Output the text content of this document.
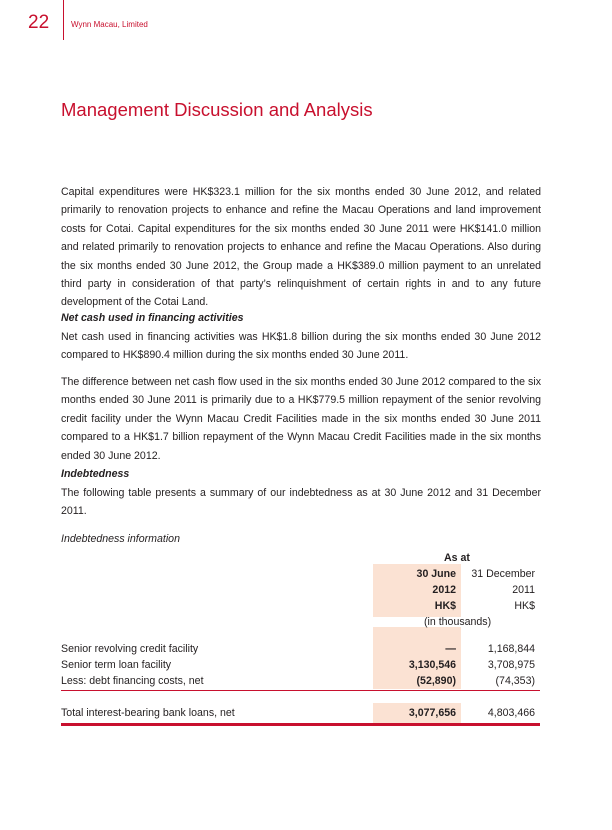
22	Wynn Macau, Limited
Management Discussion and Analysis

Capital expenditures were HK$323.1 million for the six months ended 30 June 2012, and related primarily to renovation projects to enhance and refine the Macau Operations and land improvement costs for Cotai. Capital expenditures for the six months ended 30 June 2011 were HK$141.0 million and related primarily to renovation projects to enhance and refine the Macau Operations. Also during the six months ended 30 June 2012, the Group made a HK$389.0 million payment to an unrelated third party in consideration of that party’s relinquishment of certain rights in and to any future development of the Cotai Land.

Net cash used in financing activities

Net cash used in financing activities was HK$1.8 billion during the six months ended 30 June 2012 compared to HK$890.4 million during the six months ended 30 June 2011.

The difference between net cash flow used in the six months ended 30 June 2012 compared to the six months ended 30 June 2011 is primarily due to a HK$779.5 million repayment of the senior revolving credit facility under the Wynn Macau Credit Facilities made in the six months ended 30 June 2011 compared to a HK$1.7 billion repayment of the Wynn Macau Credit Facilities made in the six months ended 30 June 2012.

Indebtedness

The following table presents a summary of our indebtedness as at 30 June 2012 and 31 December 2011.

Indebtedness information
As at
30 June	31 December
2012	2011
HK$	HK$
(in thousands)
Senior revolving credit facility	—	1,168,844
Senior term loan facility	3,130,546	3,708,975
Less: debt financing costs, net	(52,890)	(74,353)
Total interest-bearing bank loans, net	3,077,656	4,803,466
